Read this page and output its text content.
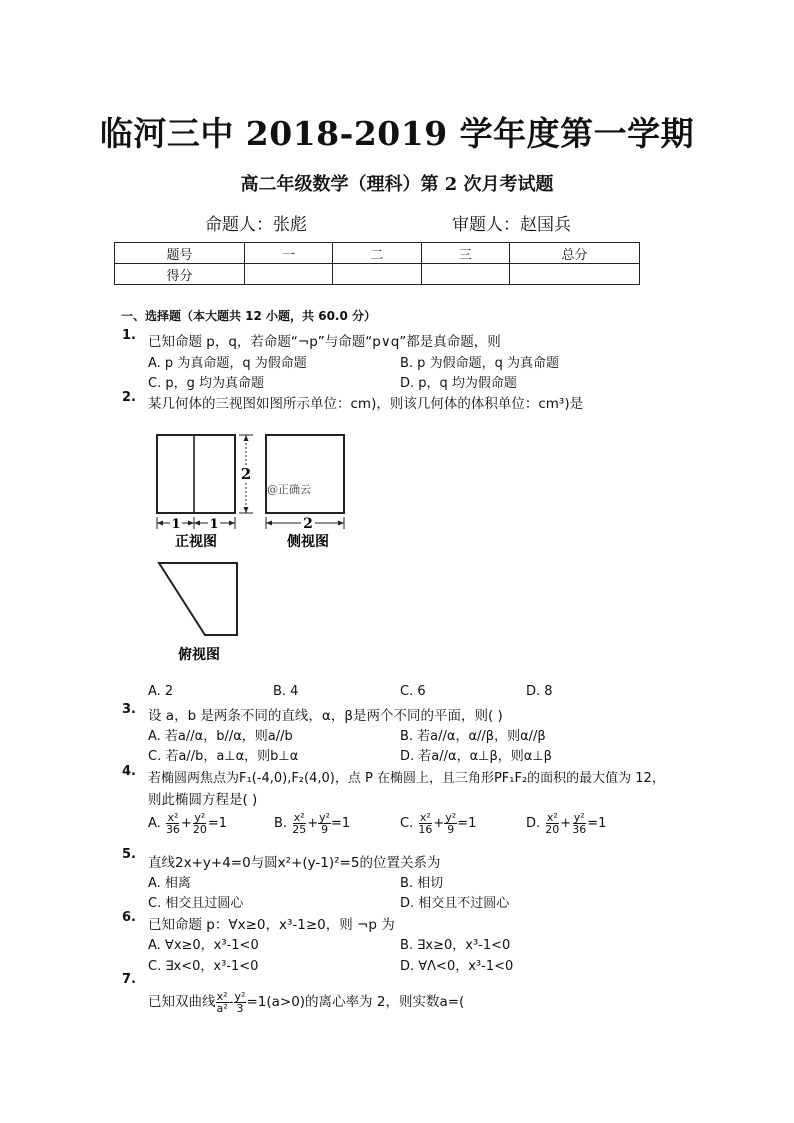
临河三中 2018-2019 学年度第一学期
高二年级数学（理科）第 2 次月考试题
命题人：张彪	审题人：赵国兵
题号	一	二	三	总分
得分				
一、选择题（本大题共 12 小题，共 60.0 分）
1. 已知命题 p，q，若命题“¬p”与命题“p∨q”都是真命题，则
A. p 为真命题，q 为假命题	B. p 为假命题，q 为真命题
C. p，g 均为真命题	D. p，q 均为假命题
2. 某几何体的三视图如图所示单位：cm)，则该几何体的体积单位：cm³)是
1 1
正视图
2
@正确云
2
侧视图
俯视图
A. 2	B. 4	C. 6	D. 8
3. 设 a，b 是两条不同的直线，α，β是两个不同的平面，则( )
A. 若a//α，b//α，则a//b	B. 若a//α，α//β，则α//β
C. 若a//b，a⊥α，则b⊥α	D. 若a//α，α⊥β，则α⊥β
4. 若椭圆两焦点为F₁(-4,0),F₂(4,0)，点 P 在椭圆上，且三角形PF₁F₂的面积的最大值为 12，
则此椭圆方程是( )
A. $\frac{\text{x²}}{36} + \frac{\text{y²}}{20} =1$	B. $\frac{\text{x²}}{25} + \frac{\text{y²}}{9} =1$	C. $\frac{\text{x²}}{16} + \frac{\text{y²}}{9} =1$	D. $\frac{\text{x²}}{20} + \frac{\text{y²}}{36} =1$
5.
直线2x+y+4=0与圆x²+(y-1)²=5的位置关系为
A. 相离	B. 相切
C. 相交且过圆心	D. 相交且不过圆心
6. 已知命题 p：∀x≥0，x³-1≥0，则 ¬p 为
A. ∀x≥0，x³-1<0	B. ∃x≥0，x³-1<0
C. ∃x<0，x³-1<0	D. ∀Λ<0，x³-1<0
7.
已知双曲线 $\frac{\text{x²}}{\text{a²}} - \frac{\text{y²}}{3} =1(a>0)$的离心率为 2，则实数a=(
